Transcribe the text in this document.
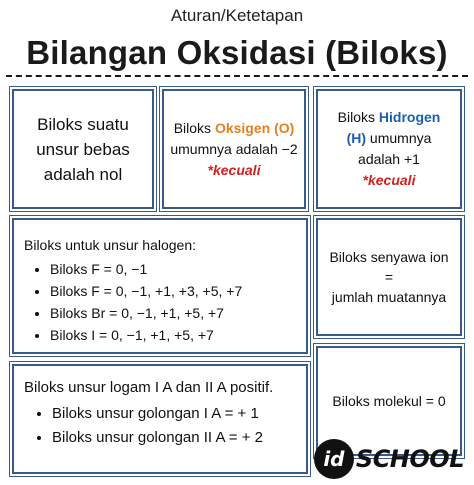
Aturan/Ketetapan
Bilangan Oksidasi (Biloks)
Biloks suatu
unsur bebas
adalah nol
Biloks Oksigen (O)
umumnya adalah −2
*kecuali
Biloks Hidrogen
(H) umumnya
adalah +1
*kecuali
Biloks untuk unsur halogen:
• Biloks F = 0, −1
• Biloks F = 0, −1, +1, +3, +5, +7
• Biloks Br = 0, −1, +1, +5, +7
• Biloks I = 0, −1, +1, +5, +7
Biloks senyawa ion
=
jumlah muatannya
Biloks unsur logam I A dan II A positif.
• Biloks unsur golongan I A = + 1
• Biloks unsur golongan II A = + 2
Biloks molekul = 0
id SCHOOL
